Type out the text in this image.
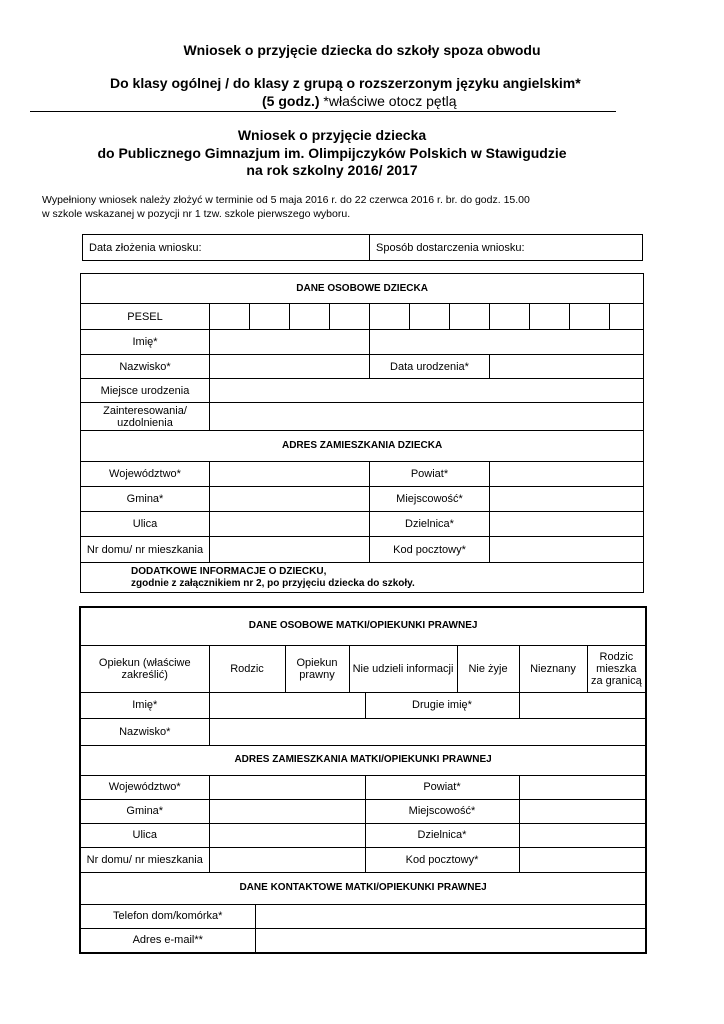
Wniosek o przyjęcie dziecka do szkoły spoza obwodu
Do klasy ogólnej / do klasy z grupą o rozszerzonym języku angielskim*
(5 godz.) *właściwe otocz pętlą
Wniosek o przyjęcie dziecka
do Publicznego Gimnazjum im. Olimpijczyków Polskich w Stawigudzie
na rok szkolny 2016/ 2017
Wypełniony wniosek należy złożyć w terminie od 5 maja 2016 r. do 22 czerwca 2016 r. br. do godz. 15.00
w szkole wskazanej w pozycji nr 1 tzw. szkole pierwszego wyboru.
Data złożenia wniosku:	Sposób dostarczenia wniosku:
DANE OSOBOWE DZIECKA											
PESEL											
Imię*											
Nazwisko*					Data urodzenia*						
Miejsce urodzenia											
Zainteresowania/ uzdolnienia											
ADRES ZAMIESZKANIA DZIECKA											
Województwo*					Powiat*						
Gmina*					Miejscowość*						
Ulica					Dzielnica*						
Nr domu/ nr mieszkania					Kod pocztowy*						

DODATKOWE INFORMACJE O DZIECKU,
zgodnie z załącznikiem nr 2, po przyjęciu dziecka do szkoły.											
DANE OSOBOWE MATKI/OPIEKUNKI PRAWNEJ								
Opiekun (właściwe zakreślić)	Rodzic		Opiekun prawny	Nie udzieli informacji		Nie żyje	Nieznany	Rodzic mieszka za granicą
Imię*					Drugie imię*			
Nazwisko*								
ADRES ZAMIESZKANIA MATKI/OPIEKUNKI PRAWNEJ								
Województwo*					Powiat*			
Gmina*					Miejscowość*			
Ulica					Dzielnica*			
Nr domu/ nr mieszkania					Kod pocztowy*			
DANE KONTAKTOWE MATKI/OPIEKUNKI PRAWNEJ								
Telefon dom/komórka*								
Adres e-mail**								
